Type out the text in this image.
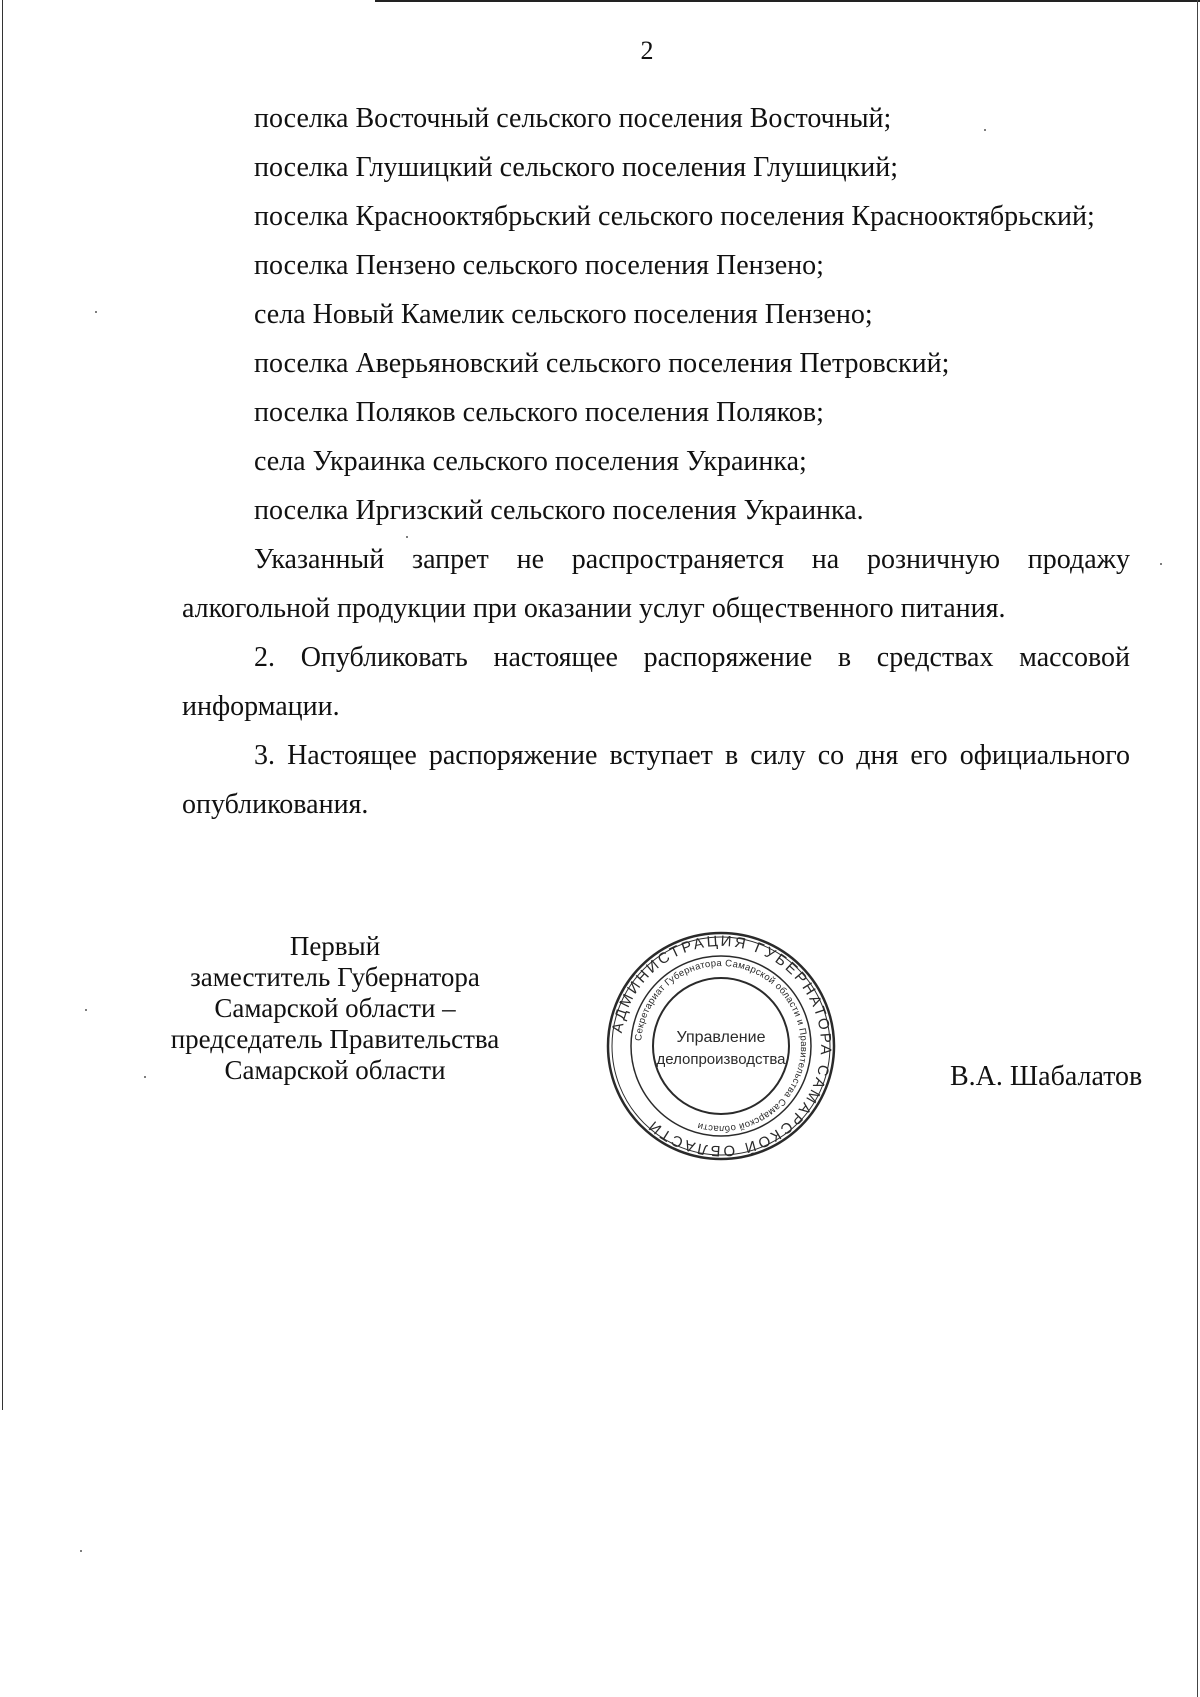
2
поселка Восточный сельского поселения Восточный;
поселка Глушицкий сельского поселения Глушицкий;
поселка Краснооктябрьский сельского поселения Краснооктябрьский;
поселка Пензено сельского поселения Пензено;
села Новый Камелик сельского поселения Пензено;
поселка Аверьяновский сельского поселения Петровский;
поселка Поляков сельского поселения Поляков;
села Украинка сельского поселения Украинка;
поселка Иргизский сельского поселения Украинка.

Указанный запрет не распространяется на розничную продажу
алкогольной продукции при оказании услуг общественного питания.

2. Опубликовать настоящее распоряжение в средствах массовой
информации.

3. Настоящее распоряжение вступает в силу со дня его официального
опубликования.

Первый
заместитель Губернатора
Самарской области –
председатель Правительства
Самарской области
АДМИНИСТРАЦИЯ ГУБЕРНАТОРА САМАРСКОЙ ОБЛАСТИ
Секретариат Губернатора Самарской области и Правительства Самарской области
Управление
делопроизводства
В.А. Шабалатов
